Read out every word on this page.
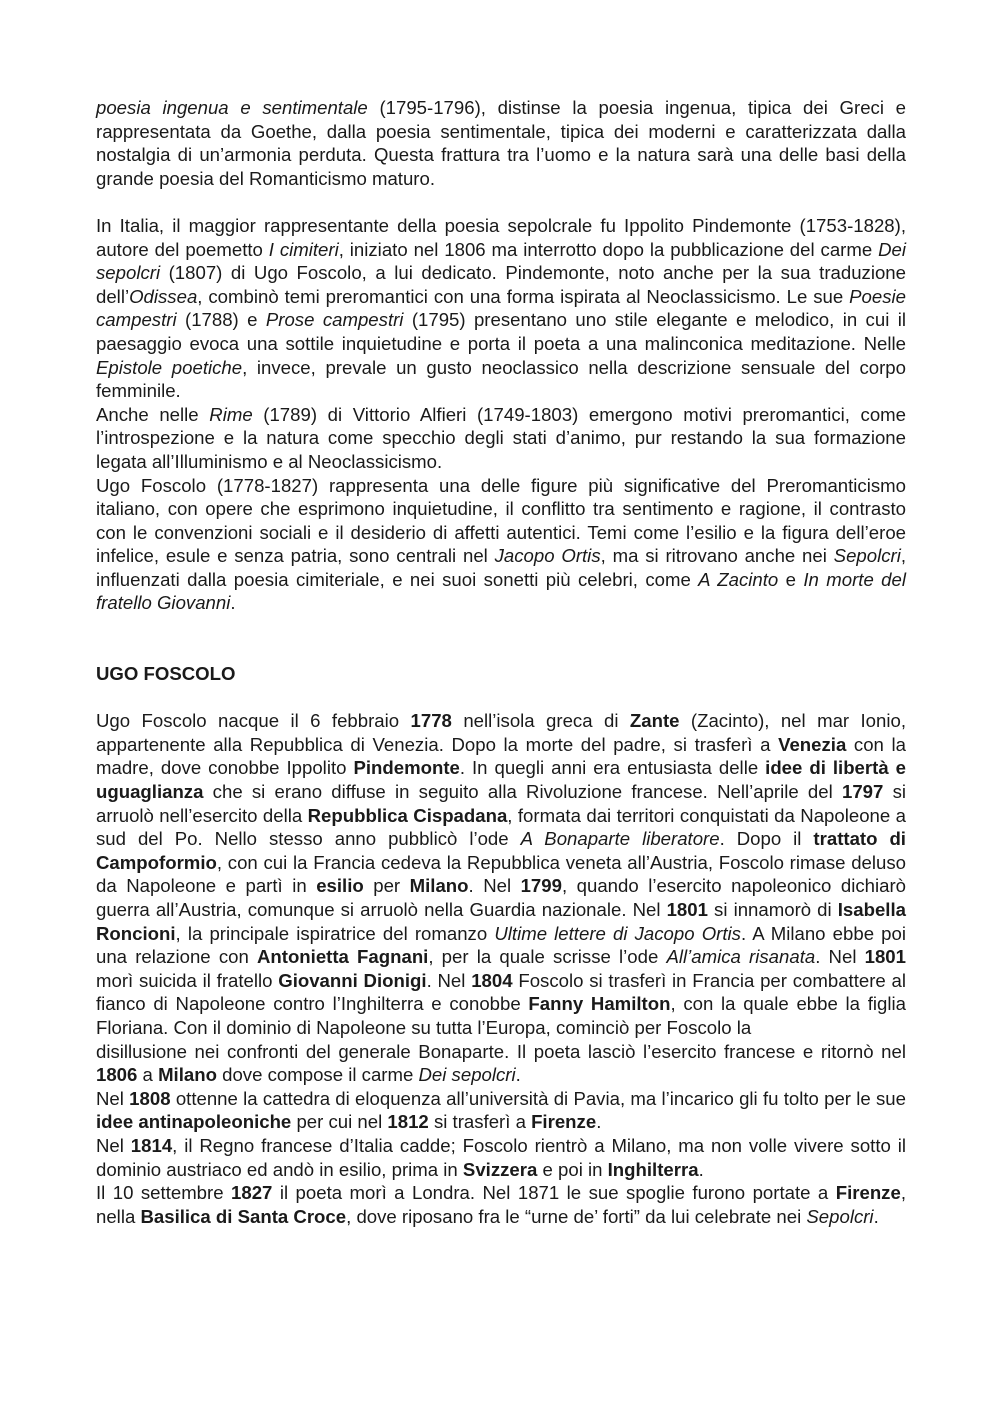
poesia ingenua e sentimentale (1795-1796), distinse la poesia ingenua, tipica dei Greci e rappresentata da Goethe, dalla poesia sentimentale, tipica dei moderni e caratterizzata dalla nostalgia di un’armonia perduta. Questa frattura tra l’uomo e la natura sarà una delle basi della grande poesia del Romanticismo maturo.

In Italia, il maggior rappresentante della poesia sepolcrale fu Ippolito Pindemonte (1753-1828), autore del poemetto I cimiteri, iniziato nel 1806 ma interrotto dopo la pubblicazione del carme Dei sepolcri (1807) di Ugo Foscolo, a lui dedicato. Pindemonte, noto anche per la sua traduzione dell’Odissea, combinò temi preromantici con una forma ispirata al Neoclassicismo. Le sue Poesie campestri (1788) e Prose campestri (1795) presentano uno stile elegante e melodico, in cui il paesaggio evoca una sottile inquietudine e porta il poeta a una malinconica meditazione. Nelle Epistole poetiche, invece, prevale un gusto neoclassico nella descrizione sensuale del corpo femminile.

Anche nelle Rime (1789) di Vittorio Alfieri (1749-1803) emergono motivi preromantici, come l’introspezione e la natura come specchio degli stati d’animo, pur restando la sua formazione legata all’Illuminismo e al Neoclassicismo.

Ugo Foscolo (1778-1827) rappresenta una delle figure più significative del Preromanticismo italiano, con opere che esprimono inquietudine, il conflitto tra sentimento e ragione, il contrasto con le convenzioni sociali e il desiderio di affetti autentici. Temi come l’esilio e la figura dell’eroe infelice, esule e senza patria, sono centrali nel Jacopo Ortis, ma si ritrovano anche nei Sepolcri, influenzati dalla poesia cimiteriale, e nei suoi sonetti più celebri, come A Zacinto e In morte del fratello Giovanni.

UGO FOSCOLO

Ugo Foscolo nacque il 6 febbraio 1778 nell’isola greca di Zante (Zacinto), nel mar Ionio, appartenente alla Repubblica di Venezia. Dopo la morte del padre, si trasferì a Venezia con la madre, dove conobbe Ippolito Pindemonte. In quegli anni era entusiasta delle idee di libertà e uguaglianza che si erano diffuse in seguito alla Rivoluzione francese. Nell’aprile del 1797 si arruolò nell’esercito della Repubblica Cispadana, formata dai territori conquistati da Napoleone a sud del Po. Nello stesso anno pubblicò l’ode A Bonaparte liberatore. Dopo il trattato di Campoformio, con cui la Francia cedeva la Repubblica veneta all’Austria, Foscolo rimase deluso da Napoleone e partì in esilio per Milano. Nel 1799, quando l’esercito napoleonico dichiarò guerra all’Austria, comunque si arruolò nella Guardia nazionale. Nel 1801 si innamorò di Isabella Roncioni, la principale ispiratrice del romanzo Ultime lettere di Jacopo Ortis. A Milano ebbe poi una relazione con Antonietta Fagnani, per la quale scrisse l’ode All’amica risanata. Nel 1801 morì suicida il fratello Giovanni Dionigi. Nel 1804 Foscolo si trasferì in Francia per combattere al fianco di Napoleone contro l’Inghilterra e conobbe Fanny Hamilton, con la quale ebbe la figlia Floriana. Con il dominio di Napoleone su tutta l’Europa, cominciò per Foscolo la
disillusione nei confronti del generale Bonaparte. Il poeta lasciò l’esercito francese e ritornò nel 1806 a Milano dove compose il carme Dei sepolcri.

Nel 1808 ottenne la cattedra di eloquenza all’università di Pavia, ma l’incarico gli fu tolto per le sue idee antinapoleoniche per cui nel 1812 si trasferì a Firenze.

Nel 1814, il Regno francese d’Italia cadde; Foscolo rientrò a Milano, ma non volle vivere sotto il dominio austriaco ed andò in esilio, prima in Svizzera e poi in Inghilterra.

Il 10 settembre 1827 il poeta morì a Londra. Nel 1871 le sue spoglie furono portate a Firenze, nella Basilica di Santa Croce, dove riposano fra le “urne de’ forti” da lui celebrate nei Sepolcri.
